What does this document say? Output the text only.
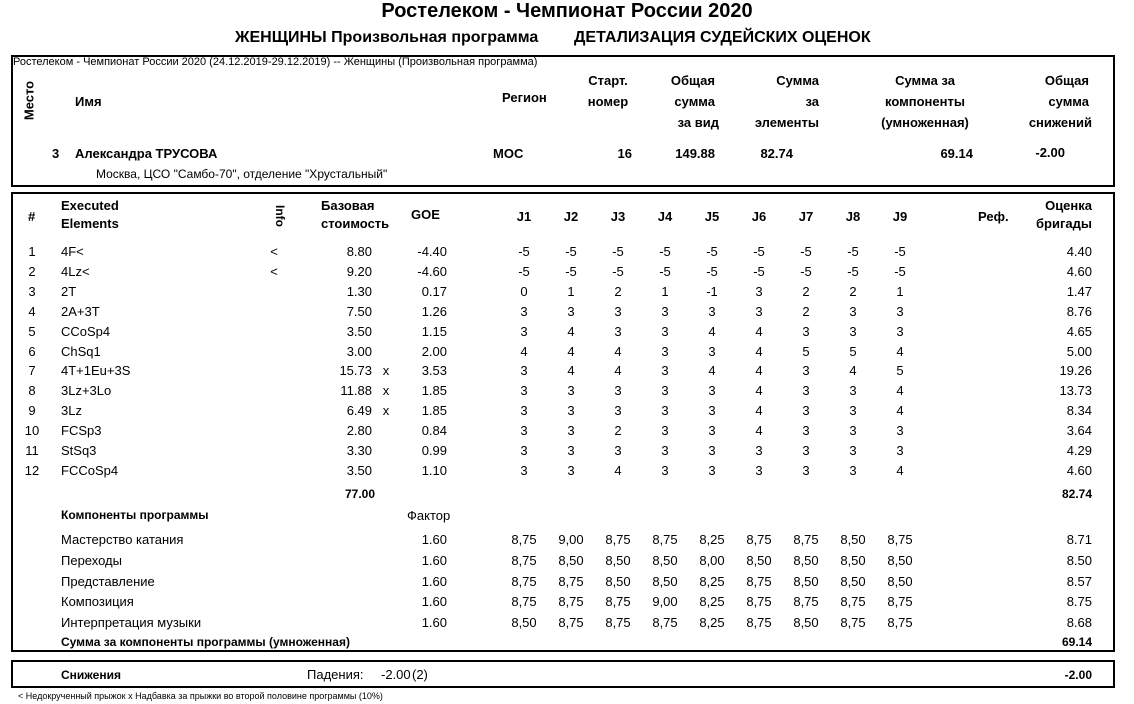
Ростелеком - Чемпионат России 2020
ЖЕНЩИНЫ Произвольная программа ДЕТАЛИЗАЦИЯ СУДЕЙСКИХ ОЦЕНОК
Ростелеком - Чемпионат России 2020 (24.12.2019-29.12.2019) -- Женщины (Произвольная программа)
Место	Имя	Регион
Старт.
номер
Общая
сумма
за вид
Сумма
за
элементы
Сумма за
компоненты
(умноженная)
Общая
сумма
снижений
3 Александра ТРУСОВА	MOC	16	149.88	82.74	69.14	-2.00
Москва, ЦСО "Самбо-70", отделение "Хрустальный"
#
Executed
Elements	Info	Базовая
стоимость
GOE	J1	J2	J3	J4	J5	J6	J7	J8	J9	Реф.
Оценка
бригады
1	4F<	<	8.80	-4.40	-5	-5	-5	-5	-5	-5	-5	-5	-5	4.40
2	4Lz<	<	9.20	-4.60	-5	-5	-5	-5	-5	-5	-5	-5	-5	4.60
3	2T	1.30	0.17	0	1	2	1	-1	3	2	2	1	1.47
4	2A+3T	7.50	1.26	3	3	3	3	3	3	2	3	3	8.76
5	CCoSp4	3.50	1.15	3	4	3	3	4	4	3	3	3	4.65
6	ChSq1	3.00	2.00	4	4	4	3	3	4	5	5	4	5.00
7	4T+1Eu+3S	15.73 x	3.53	3	4	4	3	4	4	3	4	5	19.26
8	3Lz+3Lo	11.88 x	1.85	3	3	3	3	3	4	3	3	4	13.73
9	3Lz	6.49 x	1.85	3	3	3	3	3	4	3	3	4	8.34
10	FCSp3	2.80	0.84	3	3	2	3	3	4	3	3	3	3.64
11	StSq3	3.30	0.99	3	3	3	3	3	3	3	3	3	4.29
12	FCCoSp4	3.50	1.10	3	3	4	3	3	3	3	3	4	4.60
77.00	82.74
Компоненты программы	Фактор
Мастерство катания	1.60	8,75	9,00	8,75	8,75	8,25	8,75	8,75	8,50	8,75	8.71
Переходы	1.60	8,75	8,50	8,50	8,50	8,00	8,50	8,50	8,50	8,50	8.50
Представление	1.60	8,75	8,75	8,50	8,50	8,25	8,75	8,50	8,50	8,50	8.57
Композиция	1.60	8,75	8,75	8,75	9,00	8,25	8,75	8,75	8,75	8,75	8.75
Интерпретация музыки	1.60	8,50	8,75	8,75	8,75	8,25	8,75	8,50	8,75	8,75	8.68
Сумма за компоненты программы (умноженная)	69.14
Снижения	Падения: -2.00 (2)	-2.00
< Недокрученный прыжок x Надбавка за прыжки во второй половине программы (10%)
